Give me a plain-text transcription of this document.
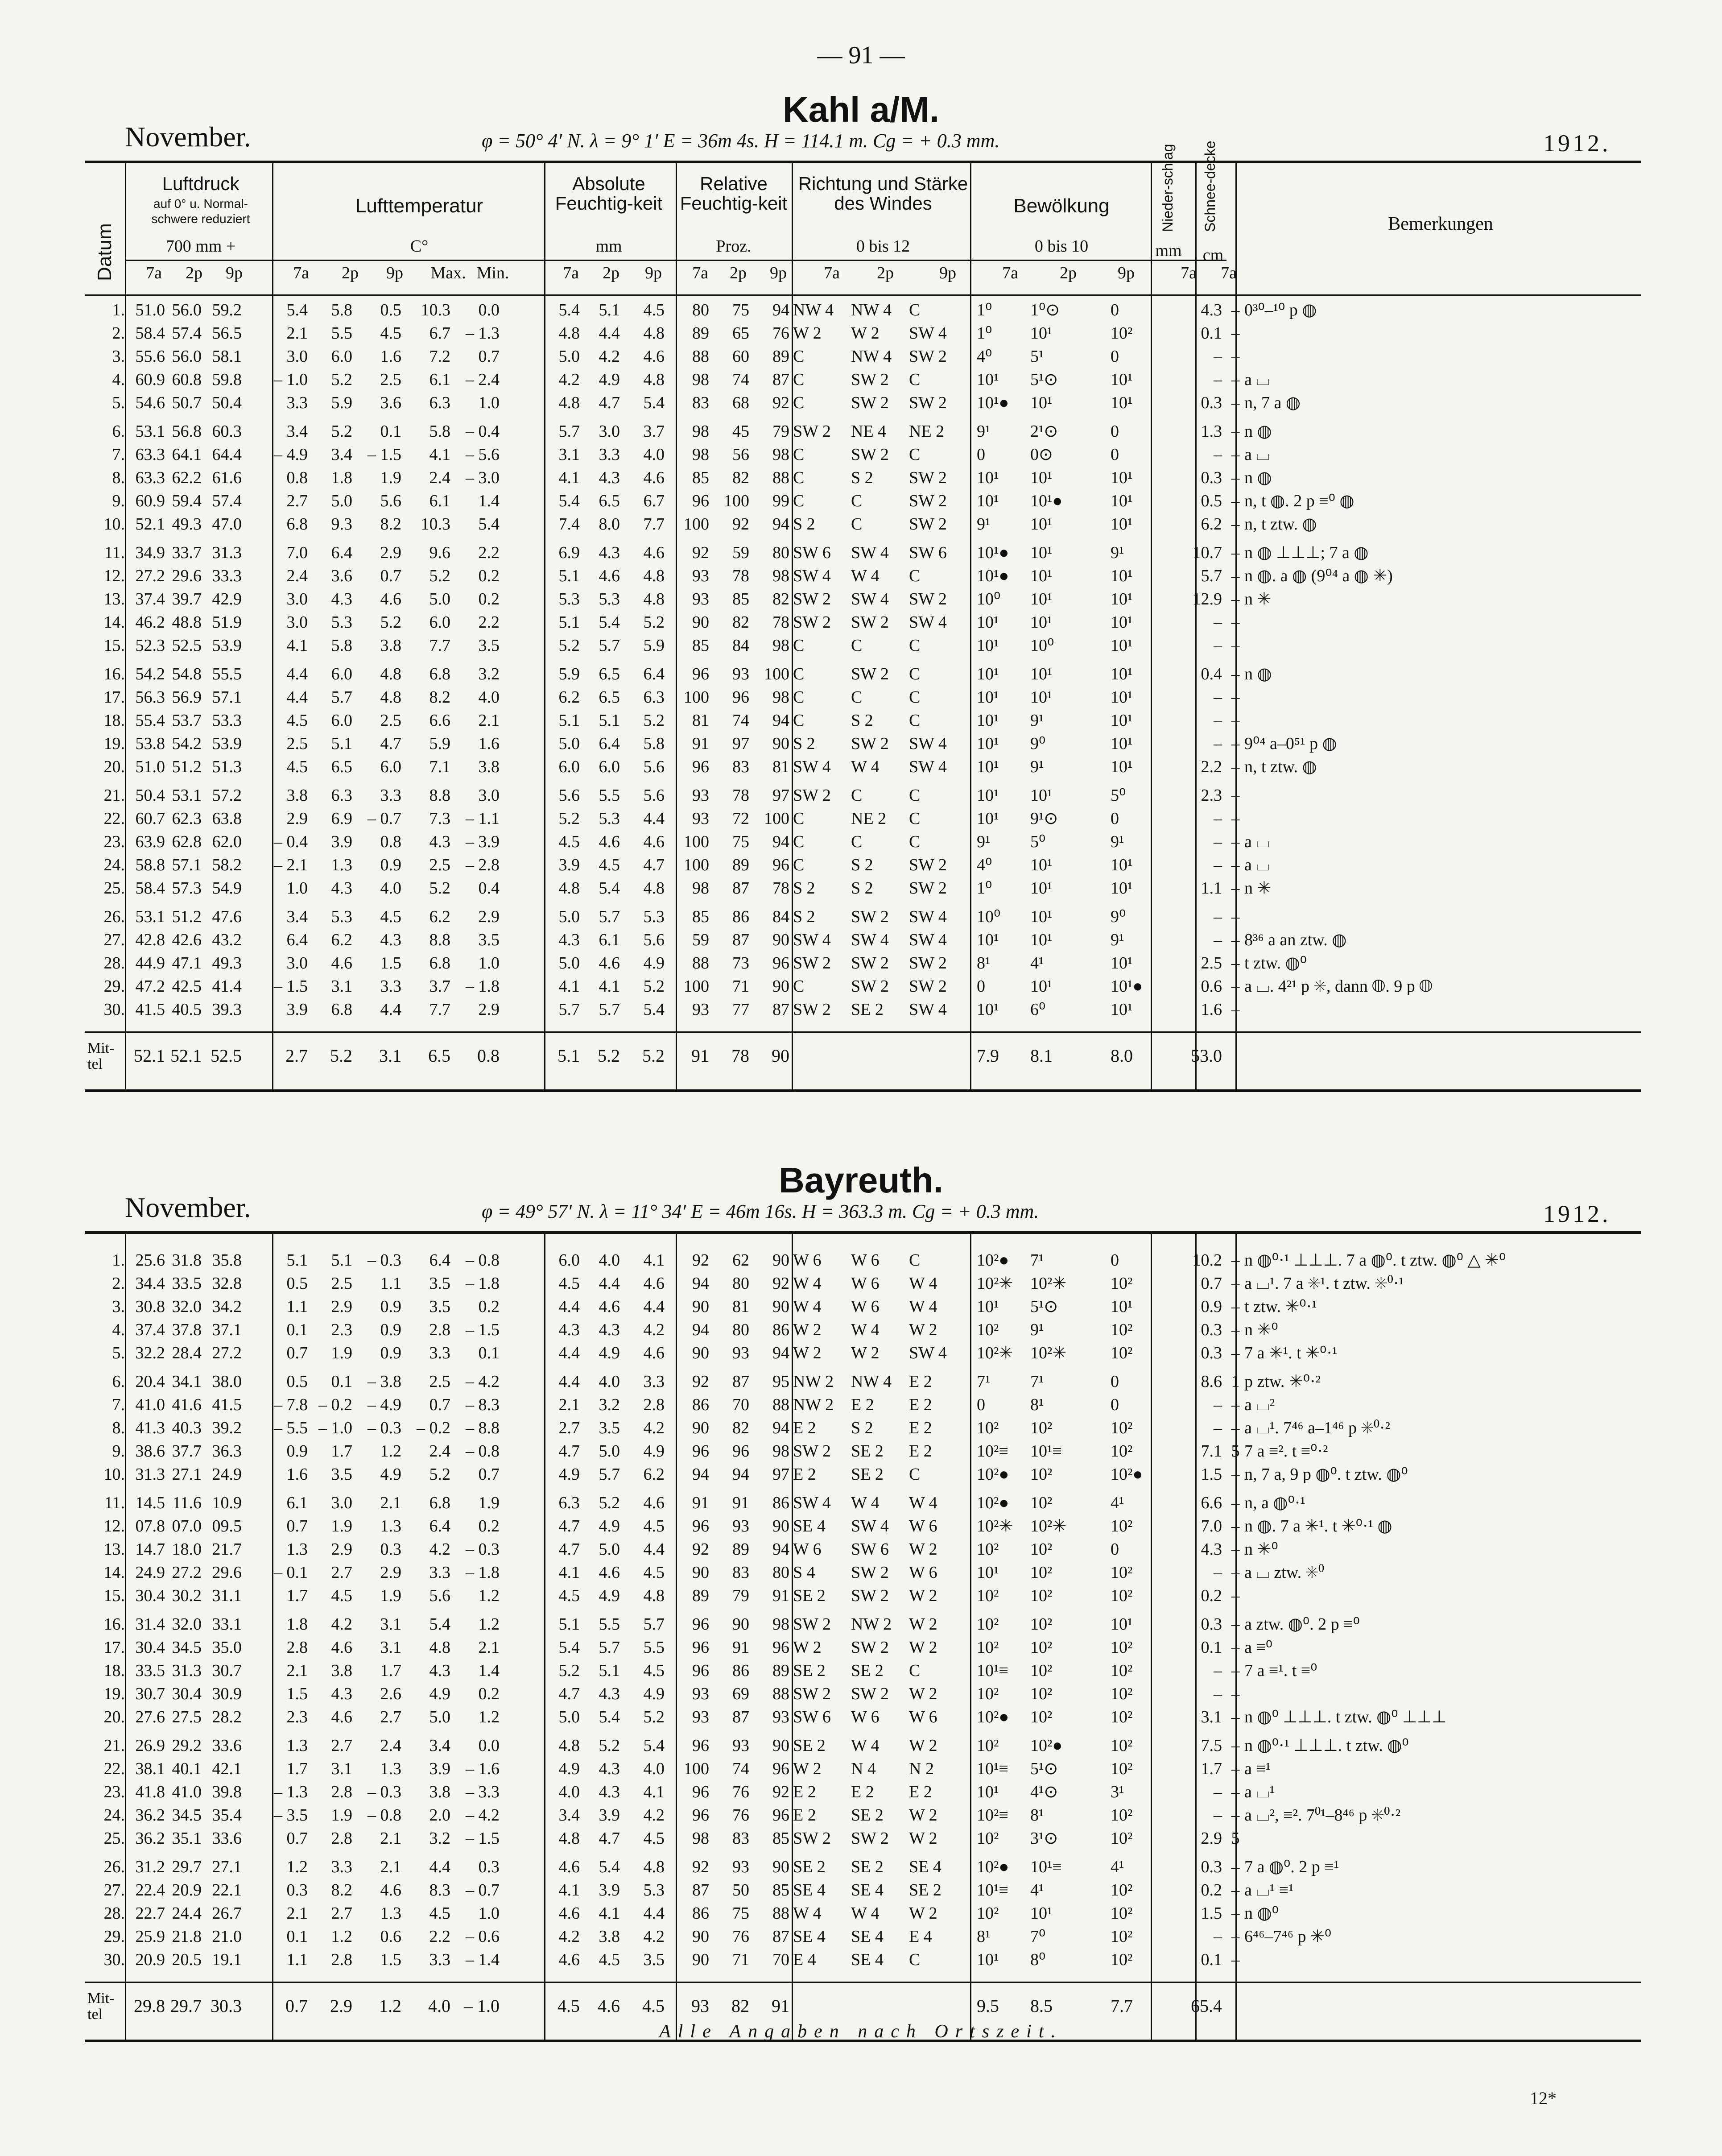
— 91 —
Kahl a/M.
November.	φ = 50° 4′ N. λ = 9° 1′ E = 36m 4s. H = 114.1 m. Cg = + 0.3 mm.	1912.
Datum
Luftdruck
auf 0° u. Normal-schwere reduziert
700 mm +
Lufttemperatur
C°
Absolute Feuchtig-keit
mm
Relative Feuchtig-keit
Proz.
Richtung und Stärke des Windes
0 bis 12
Bewölkung
0 bis 10
Nieder-schlag
mm
Schnee-decke
cm
Bemerkungen
7a	2p	9p	7a	2p	9p	Max. Min.	7a	2p	9p	7a	2p	9p	7a	2p	9p	7a	2p	9p	7a	7a
1. 51.0 56.0 59.2	5.4	5.8	0.5	10.3	0.0	5.4	5.1	4.5	80	75	94 NW 4	NW 4	C	1⁰	1⁰⊙	0	4.3 – 0³⁰–¹⁰ p ◍
2. 58.4 57.4 56.5	2.1	5.5	4.5	6.7 – 1.3	4.8	4.4	4.8	89	65	76 W 2	W 2	SW 4	1⁰	10¹	10²	0.1 –
3. 55.6 56.0 58.1	3.0	6.0	1.6	7.2	0.7	5.0	4.2	4.6	88	60	89 C	NW 4	SW 2	4⁰	5¹	0	– –
4. 60.9 60.8 59.8 – 1.0	5.2	2.5	6.1 – 2.4	4.2	4.9	4.8	98	74	87 C	SW 2	C	10¹	5¹⊙	10¹	– – a ⌴
5. 54.6 50.7 50.4	3.3	5.9	3.6	6.3	1.0	4.8	4.7	5.4	83	68	92 C	SW 2	SW 2	10¹●	10¹	10¹	0.3 – n, 7 a ◍
6. 53.1 56.8 60.3	3.4	5.2	0.1	5.8 – 0.4	5.7	3.0	3.7	98	45	79 SW 2	NE 4	NE 2	9¹	2¹⊙	0	1.3 – n ◍
7. 63.3 64.1 64.4 – 4.9	3.4 – 1.5	4.1 – 5.6	3.1	3.3	4.0	98	56	98 C	SW 2	C	0	0⊙	0	– – a ⌴
8. 63.3 62.2 61.6	0.8	1.8	1.9	2.4 – 3.0	4.1	4.3	4.6	85	82	88 C	S 2	SW 2	10¹	10¹	10¹	0.3 – n ◍
9. 60.9 59.4 57.4	2.7	5.0	5.6	6.1	1.4	5.4	6.5	6.7	96 100	99 C	C	SW 2	10¹	10¹●	10¹	0.5 – n, t ◍. 2 p ≡⁰ ◍
10. 52.1 49.3 47.0	6.8	9.3	8.2	10.3	5.4	7.4	8.0	7.7	100	92	94 S 2	C	SW 2	9¹	10¹	10¹	6.2 – n, t ztw. ◍
11. 34.9 33.7 31.3	7.0	6.4	2.9	9.6	2.2	6.9	4.3	4.6	92	59	80 SW 6	SW 4	SW 6	10¹●	10¹	9¹	10.7 – n ◍ ⊥⊥⊥; 7 a ◍
12. 27.2 29.6 33.3	2.4	3.6	0.7	5.2	0.2	5.1	4.6	4.8	93	78	98 SW 4	W 4	C	10¹●	10¹	10¹	5.7 – n ◍. a ◍ (9⁰⁴ a ◍ ✳)
13. 37.4 39.7 42.9	3.0	4.3	4.6	5.0	0.2	5.3	5.3	4.8	93	85	82 SW 2	SW 4	SW 2	10⁰	10¹	10¹	12.9 – n ✳
14. 46.2 48.8 51.9	3.0	5.3	5.2	6.0	2.2	5.1	5.4	5.2	90	82	78 SW 2	SW 2	SW 4	10¹	10¹	10¹	– –
15. 52.3 52.5 53.9	4.1	5.8	3.8	7.7	3.5	5.2	5.7	5.9	85	84	98 C	C	C	10¹	10⁰	10¹	– –
16. 54.2 54.8 55.5	4.4	6.0	4.8	6.8	3.2	5.9	6.5	6.4	96	93 100 C	SW 2	C	10¹	10¹	10¹	0.4 – n ◍
17. 56.3 56.9 57.1	4.4	5.7	4.8	8.2	4.0	6.2	6.5	6.3	100	96	98 C	C	C	10¹	10¹	10¹	– –
18. 55.4 53.7 53.3	4.5	6.0	2.5	6.6	2.1	5.1	5.1	5.2	81	74	94 C	S 2	C	10¹	9¹	10¹	– –
19. 53.8 54.2 53.9	2.5	5.1	4.7	5.9	1.6	5.0	6.4	5.8	91	97	90 S 2	SW 2	SW 4	10¹	9⁰	10¹	– – 9⁰⁴ a–0⁵¹ p ◍
20. 51.0 51.2 51.3	4.5	6.5	6.0	7.1	3.8	6.0	6.0	5.6	96	83	81 SW 4	W 4	SW 4	10¹	9¹	10¹	2.2 – n, t ztw. ◍
21. 50.4 53.1 57.2	3.8	6.3	3.3	8.8	3.0	5.6	5.5	5.6	93	78	97 SW 2	C	C	10¹	10¹	5⁰	2.3 –
22. 60.7 62.3 63.8	2.9	6.9 – 0.7	7.3 – 1.1	5.2	5.3	4.4	93	72 100 C	NE 2	C	10¹	9¹⊙	0	– –
23. 63.9 62.8 62.0 – 0.4	3.9	0.8	4.3 – 3.9	4.5	4.6	4.6	100	75	94 C	C	C	9¹	5⁰	9¹	– – a ⌴
24. 58.8 57.1 58.2 – 2.1	1.3	0.9	2.5 – 2.8	3.9	4.5	4.7	100	89	96 C	S 2	SW 2	4⁰	10¹	10¹	– – a ⌴
25. 58.4 57.3 54.9	1.0	4.3	4.0	5.2	0.4	4.8	5.4	4.8	98	87	78 S 2	S 2	SW 2	1⁰	10¹	10¹	1.1 – n ✳
26. 53.1 51.2 47.6	3.4	5.3	4.5	6.2	2.9	5.0	5.7	5.3	85	86	84 S 2	SW 2	SW 4	10⁰	10¹	9⁰	– –
27. 42.8 42.6 43.2	6.4	6.2	4.3	8.8	3.5	4.3	6.1	5.6	59	87	90 SW 4	SW 4	SW 4	10¹	10¹	9¹	– – 8³⁶ a an ztw. ◍
28. 44.9 47.1 49.3	3.0	4.6	1.5	6.8	1.0	5.0	4.6	4.9	88	73	96 SW 2	SW 2	SW 2	8¹	4¹	10¹	2.5 – t ztw. ◍⁰
29. 47.2 42.5 41.4 – 1.5	3.1	3.3	3.7 – 1.8	4.1	4.1	5.2	100	71	90 C	SW 2	SW 2	0	10¹	10¹●	0.6 – a ⌴. 4²¹ p ✳, dann ◍. 9 p ◍
30. 41.5 40.5 39.3	3.9	6.8	4.4	7.7	2.9	5.7	5.7	5.4	93	77	87 SW 2	SE 2	SW 4	10¹	6⁰	10¹	1.6 –
Mit-tel	52.1 52.1 52.5	2.7	5.2	3.1	6.5	0.8	5.1	5.2	5.2	91	78	90	7.9	8.1	8.0	53.0
Bayreuth.
November.	φ = 49° 57′ N. λ = 11° 34′ E = 46m 16s. H = 363.3 m. Cg = + 0.3 mm.	1912.
1. 25.6 31.8 35.8	5.1	5.1 – 0.3	6.4 – 0.8	6.0	4.0	4.1	92	62	90 W 6	W 6	C	10²●	7¹	0	10.2 – n ◍⁰·¹ ⊥⊥⊥. 7 a ◍⁰. t ztw. ◍⁰ △ ✳⁰
2. 34.4 33.5 32.8	0.5	2.5	1.1	3.5 – 1.8	4.5	4.4	4.6	94	80	92 W 4	W 6	W 4	10²✳	10²✳	10²	0.7 – a ⌴¹. 7 a ✳¹. t ztw. ✳⁰·¹
3. 30.8 32.0 34.2	1.1	2.9	0.9	3.5	0.2	4.4	4.6	4.4	90	81	90 W 4	W 6	W 4	10¹	5¹⊙	10¹	0.9 – t ztw. ✳⁰·¹
4. 37.4 37.8 37.1	0.1	2.3	0.9	2.8 – 1.5	4.3	4.3	4.2	94	80	86 W 2	W 4	W 2	10²	9¹	10²	0.3 – n ✳⁰
5. 32.2 28.4 27.2	0.7	1.9	0.9	3.3	0.1	4.4	4.9	4.6	90	93	94 W 2	W 2	SW 4	10²✳	10²✳	10²	0.3 – 7 a ✳¹. t ✳⁰·¹
6. 20.4 34.1 38.0	0.5	0.1 – 3.8	2.5 – 4.2	4.4	4.0	3.3	92	87	95 NW 2	NW 4	E 2	7¹	7¹	0	8.6 1 p ztw. ✳⁰·²
7. 41.0 41.6 41.5 – 7.8 – 0.2 – 4.9	0.7 – 8.3	2.1	3.2	2.8	86	70	88 NW 2	E 2	E 2	0	8¹	0	– – a ⌴²
8. 41.3 40.3 39.2 – 5.5 – 1.0 – 0.3 – 0.2 – 8.8	2.7	3.5	4.2	90	82	94 E 2	S 2	E 2	10²	10²	10²	– – a ⌴¹. 7⁴⁶ a–1⁴⁶ p ✳⁰·²
9. 38.6 37.7 36.3	0.9	1.7	1.2	2.4 – 0.8	4.7	5.0	4.9	96	96	98 SW 2	SE 2	E 2	10²≡	10¹≡	10²	7.1 5 7 a ≡². t ≡⁰·²
10. 31.3 27.1 24.9	1.6	3.5	4.9	5.2	0.7	4.9	5.7	6.2	94	94	97 E 2	SE 2	C	10²●	10²	10²●	1.5 – n, 7 a, 9 p ◍⁰. t ztw. ◍⁰
11. 14.5 11.6 10.9	6.1	3.0	2.1	6.8	1.9	6.3	5.2	4.6	91	91	86 SW 4	W 4	W 4	10²●	10²	4¹	6.6 – n, a ◍⁰·¹
12. 07.8 07.0 09.5	0.7	1.9	1.3	6.4	0.2	4.7	4.9	4.5	96	93	90 SE 4	SW 4	W 6	10²✳	10²✳	10²	7.0 – n ◍. 7 a ✳¹. t ✳⁰·¹ ◍
13. 14.7 18.0 21.7	1.3	2.9	0.3	4.2 – 0.3	4.7	5.0	4.4	92	89	94 W 6	SW 6	W 2	10²	10²	0	4.3 – n ✳⁰
14. 24.9 27.2 29.6 – 0.1	2.7	2.9	3.3 – 1.8	4.1	4.6	4.5	90	83	80 S 4	SW 2	W 6	10¹	10²	10²	– – a ⌴ ztw. ✳⁰
15. 30.4 30.2 31.1	1.7	4.5	1.9	5.6	1.2	4.5	4.9	4.8	89	79	91 SE 2	SW 2	W 2	10²	10²	10²	0.2 –
16. 31.4 32.0 33.1	1.8	4.2	3.1	5.4	1.2	5.1	5.5	5.7	96	90	98 SW 2	NW 2	W 2	10²	10²	10¹	0.3 – a ztw. ◍⁰. 2 p ≡⁰
17. 30.4 34.5 35.0	2.8	4.6	3.1	4.8	2.1	5.4	5.7	5.5	96	91	96 W 2	SW 2	W 2	10²	10²	10²	0.1 – a ≡⁰
18. 33.5 31.3 30.7	2.1	3.8	1.7	4.3	1.4	5.2	5.1	4.5	96	86	89 SE 2	SE 2	C	10¹≡	10²	10²	– – 7 a ≡¹. t ≡⁰
19. 30.7 30.4 30.9	1.5	4.3	2.6	4.9	0.2	4.7	4.3	4.9	93	69	88 SW 2	SW 2	W 2	10²	10²	10²	– –
20. 27.6 27.5 28.2	2.3	4.6	2.7	5.0	1.2	5.0	5.4	5.2	93	87	93 SW 6	W 6	W 6	10²●	10²	10²	3.1 – n ◍⁰ ⊥⊥⊥. t ztw. ◍⁰ ⊥⊥⊥
21. 26.9 29.2 33.6	1.3	2.7	2.4	3.4	0.0	4.8	5.2	5.4	96	93	90 SE 2	W 4	W 2	10²	10²●	10²	7.5 – n ◍⁰·¹ ⊥⊥⊥. t ztw. ◍⁰
22. 38.1 40.1 42.1	1.7	3.1	1.3	3.9 – 1.6	4.9	4.3	4.0	100	74	96 W 2	N 4	N 2	10¹≡	5¹⊙	10²	1.7 – a ≡¹
23. 41.8 41.0 39.8 – 1.3	2.8 – 0.3	3.8 – 3.3	4.0	4.3	4.1	96	76	92 E 2	E 2	E 2	10¹	4¹⊙	3¹	– – a ⌴¹
24. 36.2 34.5 35.4 – 3.5	1.9 – 0.8	2.0 – 4.2	3.4	3.9	4.2	96	76	96 E 2	SE 2	W 2	10²≡	8¹	10²	– – a ⌴², ≡². 7⁰¹–8⁴⁶ p ✳⁰·²
25. 36.2 35.1 33.6	0.7	2.8	2.1	3.2 – 1.5	4.8	4.7	4.5	98	83	85 SW 2	SW 2	W 2	10²	3¹⊙	10²	2.9 5
26. 31.2 29.7 27.1	1.2	3.3	2.1	4.4	0.3	4.6	5.4	4.8	92	93	90 SE 2	SE 2	SE 4	10²●	10¹≡	4¹	0.3 – 7 a ◍⁰. 2 p ≡¹
27. 22.4 20.9 22.1	0.3	8.2	4.6	8.3 – 0.7	4.1	3.9	5.3	87	50	85 SE 4	SE 4	SE 2	10¹≡	4¹	10²	0.2 – a ⌴¹ ≡¹
28. 22.7 24.4 26.7	2.1	2.7	1.3	4.5	1.0	4.6	4.1	4.4	86	75	88 W 4	W 4	W 2	10²	10¹	10²	1.5 – n ◍⁰
29. 25.9 21.8 21.0	0.1	1.2	0.6	2.2 – 0.6	4.2	3.8	4.2	90	76	87 SE 4	SE 4	E 4	8¹	7⁰	10²	– – 6⁴⁶–7⁴⁶ p ✳⁰
30. 20.9 20.5 19.1	1.1	2.8	1.5	3.3 – 1.4	4.6	4.5	3.5	90	71	70 E 4	SE 4	C	10¹	8⁰	10²	0.1 –
Mit-tel	29.8 29.7 30.3	0.7	2.9	1.2	4.0 – 1.0	4.5	4.6	4.5	93	82	91	9.5	8.5	7.7	65.4
Alle Angaben nach Ortszeit.
12*
